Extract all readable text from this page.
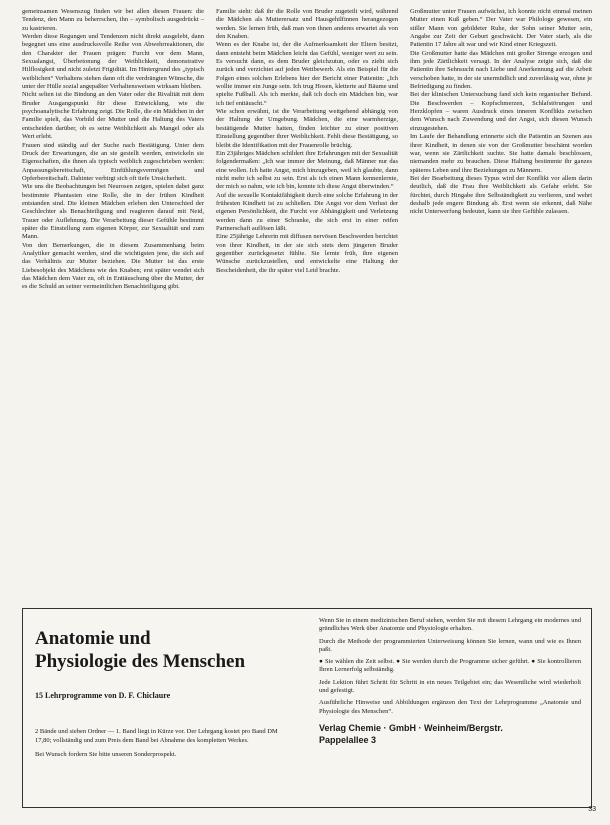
gemeinsamen Wesenszug finden wir bei allen diesen Frauen: die Tendenz, den Mann zu beherrschen, ihn – symbolisch ausgedrückt – zu kastrieren.

Werden diese Regungen und Tendenzen nicht direkt ausgelebt, dann begegnet uns eine ausdrucksvolle Reihe von Abwehrreaktionen, die den Charakter der Frauen prägen: Furcht vor dem Mann, Sexualangst, Überbetonung der Weiblichkeit, demonstrative Hilflosigkeit und nicht zuletzt Frigidität. Im Hintergrund des „typisch weiblichen“ Verhaltens stehen dann oft die verdrängten Wünsche, die unter der Hülle sozial angepaßter Verhaltensweisen wirksam bleiben.

Nicht selten ist die Bindung an den Vater oder die Rivalität mit dem Bruder Ausgangspunkt für diese Entwicklung, wie die psychoanalytische Erfahrung zeigt. Die Rolle, die ein Mädchen in der Familie spielt, das Vorbild der Mutter und die Haltung des Vaters entscheiden darüber, ob es seine Weiblichkeit als Mangel oder als Wert erlebt.

Frauen sind ständig auf der Suche nach Bestätigung. Unter dem Druck der Erwartungen, die an sie gestellt werden, entwickeln sie Eigenschaften, die ihnen als typisch weiblich zugeschrieben werden: Anpassungsbereitschaft, Einfühlungsvermögen und Opferbereitschaft. Dahinter verbirgt sich oft tiefe Unsicherheit.

Wie uns die Beobachtungen bei Neurosen zeigen, spielen dabei ganz bestimmte Phantasien eine Rolle, die in der frühen Kindheit entstanden sind. Die kleinen Mädchen erleben den Unterschied der Geschlechter als Benachteiligung und reagieren darauf mit Neid, Trauer oder Auflehnung. Die Verarbeitung dieser Gefühle bestimmt später die Einstellung zum eigenen Körper, zur Sexualität und zum Mann.

Von den Bemerkungen, die in diesem Zusammenhang beim Analytiker gemacht werden, sind die wichtigsten jene, die sich auf das Verhältnis zur Mutter beziehen. Die Mutter ist das erste Liebesobjekt des Mädchens wie des Knaben; erst später wendet sich das Mädchen dem Vater zu, oft in Enttäuschung über die Mutter, der es die Schuld an seiner vermeintlichen Benachteiligung gibt.

Familie sieht: daß ihr die Rolle von Bruder zugeteilt wird, während die Mädchen als Mutterersatz und Hausgehilfinnen herangezogen werden. Sie lernen früh, daß man von ihnen anderes erwartet als von den Knaben.

Wenn es der Knabe ist, der die Aufmerksamkeit der Eltern besitzt, dann entsteht beim Mädchen leicht das Gefühl, weniger wert zu sein. Es versucht dann, es dem Bruder gleichzutun, oder es zieht sich zurück und verzichtet auf jeden Wettbewerb. Als ein Beispiel für die Folgen eines solchen Erlebens hier der Bericht einer Patientin: „Ich wollte immer ein Junge sein. Ich trug Hosen, kletterte auf Bäume und spielte Fußball. Als ich merkte, daß ich doch ein Mädchen bin, war ich tief enttäuscht.“

Wie schon erwähnt, ist die Verarbeitung weitgehend abhängig von der Haltung der Umgebung. Mädchen, die eine warmherzige, bestätigende Mutter hatten, finden leichter zu einer positiven Einstellung gegenüber ihrer Weiblichkeit. Fehlt diese Bestätigung, so bleibt die Identifikation mit der Frauenrolle brüchig.

Ein 23jähriges Mädchen schildert ihre Erfahrungen mit der Sexualität folgendermaßen: „Ich war immer der Meinung, daß Männer nur das eine wollen. Ich hatte Angst, mich hinzugeben, weil ich glaubte, dann nicht mehr ich selbst zu sein. Erst als ich einen Mann kennenlernte, der mich so nahm, wie ich bin, konnte ich diese Angst überwinden.“

Auf die sexuelle Kontaktfähigkeit durch eine solche Erfahrung in der frühesten Kindheit ist zu schließen. Die Angst vor dem Verlust der eigenen Persönlichkeit, die Furcht vor Abhängigkeit und Verletzung werden dann zu einer Schranke, die sich erst in einer reifen Partnerschaft auflösen läßt.

Eine 25jährige Lehrerin mit diffusen nervösen Beschwerden berichtet von ihrer Kindheit, in der sie sich stets dem jüngeren Bruder gegenüber zurückgesetzt fühlte. Sie lernte früh, ihre eigenen Wünsche zurückzustellen, und entwickelte eine Haltung der Bescheidenheit, die ihr später viel Leid brachte.

Großmutter unter Frauen aufwächst, ich konnte nicht einmal meinen Mutter einen Kuß geben.“ Der Vater war Philologe gewesen, ein stiller Mann von gebildeter Ruhe, der Sohn seiner Mutter sein, Angabe zur Zeit der Geburt geschwächt. Der Vater starb, als die Patientin 17 Jahre alt war und wir Kind einer Kriegszeit.

Die Großmutter hatte das Mädchen mit großer Strenge erzogen und ihm jede Zärtlichkeit versagt. In der Analyse zeigte sich, daß die Patientin ihre Sehnsucht nach Liebe und Anerkennung auf die Arbeit verschoben hatte, in der sie unermüdlich und zuverlässig war, ohne je Befriedigung zu finden.

Bei der klinischen Untersuchung fand sich kein organischer Befund. Die Beschwerden – Kopfschmerzen, Schlafstörungen und Herzklopfen – waren Ausdruck eines inneren Konflikts zwischen dem Wunsch nach Zuwendung und der Angst, sich diesen Wunsch einzugestehen.

Im Laufe der Behandlung erinnerte sich die Patientin an Szenen aus ihrer Kindheit, in denen sie von der Großmutter beschämt worden war, wenn sie Zärtlichkeit suchte. Sie hatte damals beschlossen, niemanden mehr zu brauchen. Diese Haltung bestimmte ihr ganzes späteres Leben und ihre Beziehungen zu Männern.

Bei der Bearbeitung dieses Typus wird der Konflikt vor allem darin deutlich, daß die Frau ihre Weiblichkeit als Gefahr erlebt. Sie fürchtet, durch Hingabe ihre Selbständigkeit zu verlieren, und wehrt deshalb jede engere Bindung ab. Erst wenn sie erkennt, daß Nähe nicht Unterwerfung bedeutet, kann sie ihre Gefühle zulassen.

Anatomie und
Physiologie des Menschen
15 Lehrprogramme von D. F. Chiclaure
2 Bände und sieben Ordner — 1. Band liegt in Kürze vor. Der Lehrgang kostet pro Band DM 17,80; vollständig und zum Preis dem Band bei Abnahme des kompletten Werkes.
Bei Wunsch fordern Sie bitte unseren Sonderprospekt.

Wenn Sie in einem medizinischen Beruf stehen, werden Sie mit diesem Lehrgang ein modernes und gründliches Werk über Anatomie und Physiologie erhalten.

Durch die Methode der programmierten Unterweisung können Sie lernen, wann und wie es Ihnen paßt.

● Sie wählen die Zeit selbst. ● Sie werden durch die Programme sicher geführt. ● Sie kontrollieren Ihren Lernerfolg selbständig.

Jede Lektion führt Schritt für Schritt in ein neues Teilgebiet ein; das Wesentliche wird wiederholt und gefestigt.

Ausführliche Hinweise und Abbildungen ergänzen den Text der Lehrprogramme „Anatomie und Physiologie des Menschen“.

Verlag Chemie · GmbH · Weinheim/Bergstr.
Pappelallee 3
33
